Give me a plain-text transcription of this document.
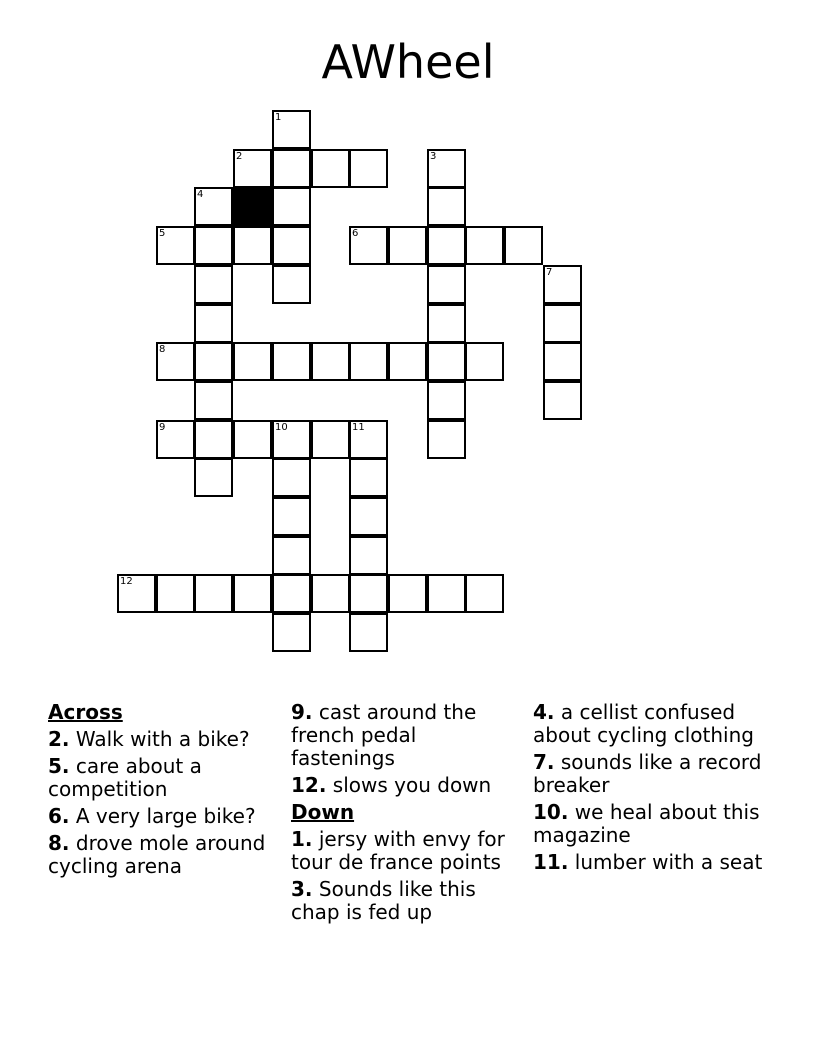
AWheel
1
2	3
4
5	6
7
8
9	10	11
12
Across
2. Walk with a bike?
5. care about a competition
6. A very large bike?
8. drove mole around cycling arena
9. cast around the french pedal fastenings
12. slows you down
Down
1. jersy with envy for tour de france points
3. Sounds like this chap is fed up
4. a cellist confused about cycling clothing
7. sounds like a record breaker
10. we heal about this magazine
11. lumber with a seat
